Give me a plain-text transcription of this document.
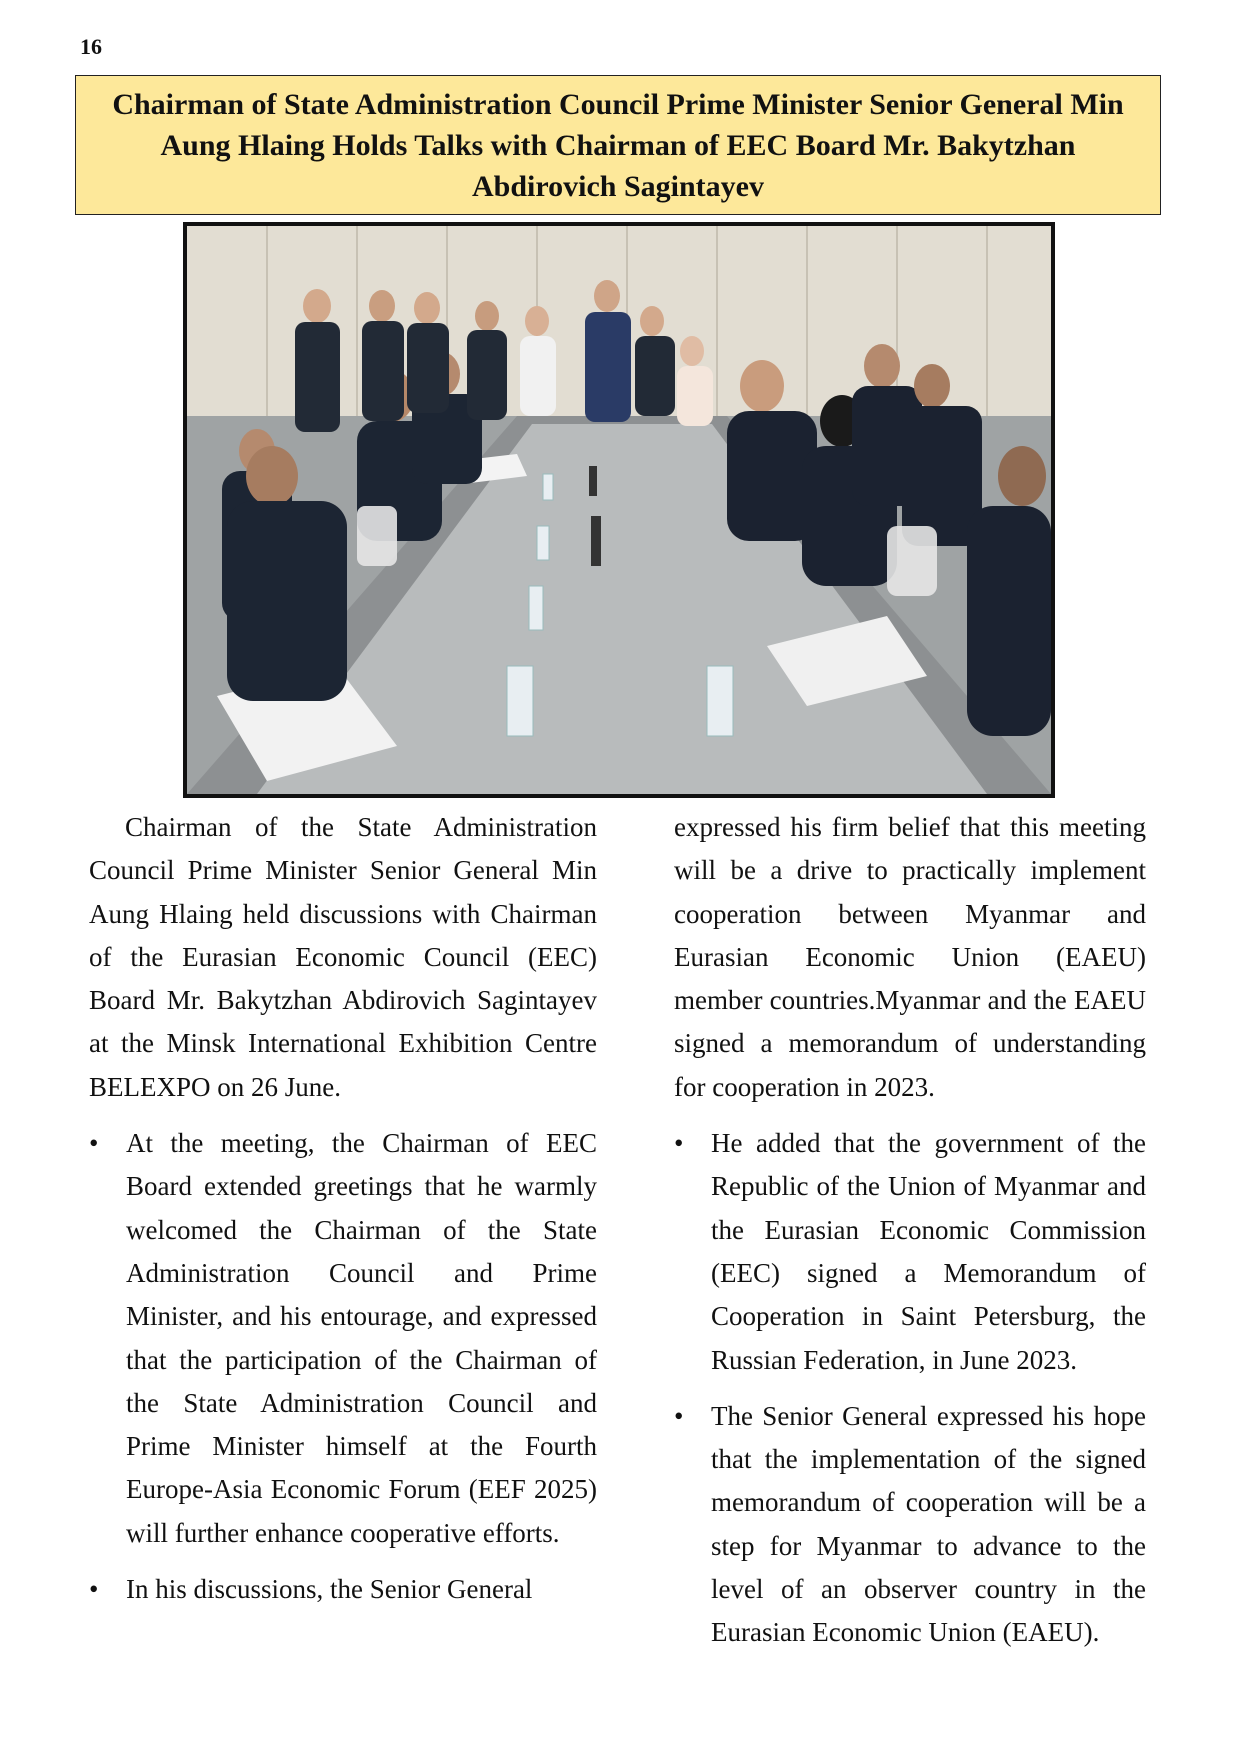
16
Chairman of State Administration Council Prime Minister Senior General Min Aung Hlaing Holds Talks with Chairman of EEC Board Mr. Bakytzhan Abdirovich Sagintayev

Chairman of the State Administration Council Prime Minister Senior General Min Aung Hlaing held discussions with Chairman of the Eurasian Economic Council (EEC) Board Mr. Bakytzhan Abdirovich Sagintayev at the Minsk International Exhibition Centre BELEXPO on 26 June.

• At the meeting, the Chairman of EEC Board extended greetings that he warmly welcomed the Chairman of the State Administration Council and Prime Minister, and his entourage, and expressed that the participation of the Chairman of the State Administration Council and Prime Minister himself at the Fourth Europe-Asia Economic Forum (EEF 2025) will further enhance cooperative efforts.
• In his discussions, the Senior General

expressed his firm belief that this meeting will be a drive to practically implement cooperation between Myanmar and Eurasian Economic Union (EAEU) member countries.Myanmar and the EAEU signed a memorandum of understanding for cooperation in 2023.

• He added that the government of the Republic of the Union of Myanmar and the Eurasian Economic Commission (EEC) signed a Memorandum of Cooperation in Saint Petersburg, the Russian Federation, in June 2023.
• The Senior General expressed his hope that the implementation of the signed memorandum of cooperation will be a step for Myanmar to advance to the level of an observer country in the Eurasian Economic Union (EAEU).
